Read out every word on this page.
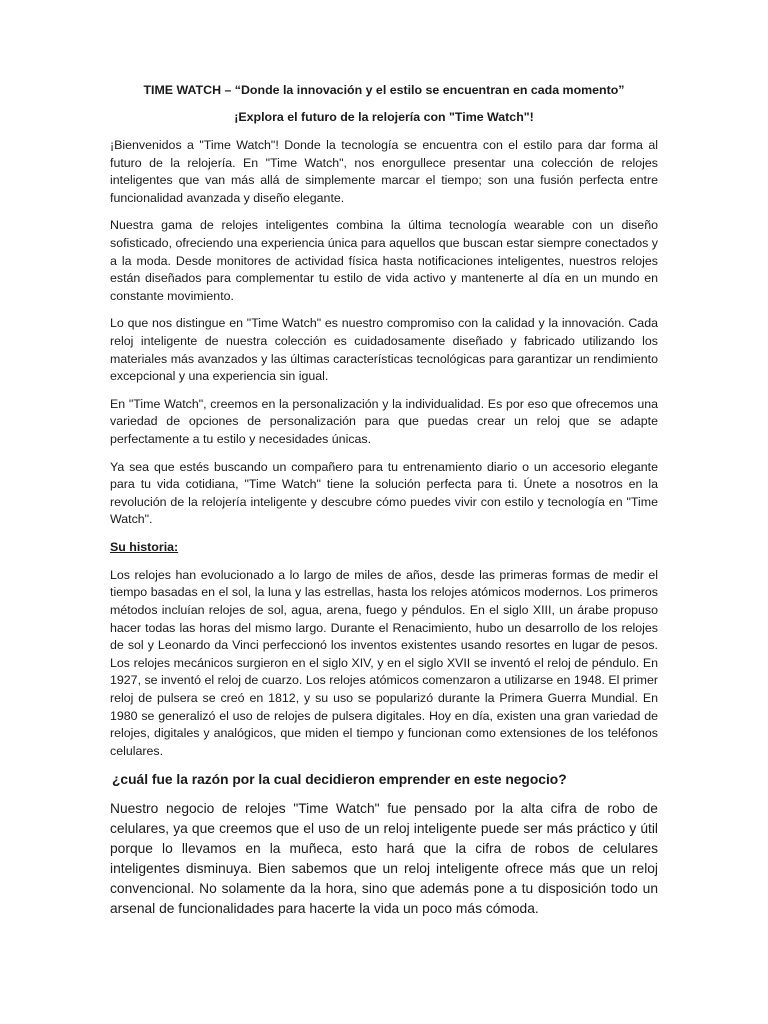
TIME WATCH – “Donde la innovación y el estilo se encuentran en cada momento”
¡Explora el futuro de la relojería con "Time Watch"!

¡Bienvenidos a "Time Watch"! Donde la tecnología se encuentra con el estilo para dar forma al futuro de la relojería. En "Time Watch", nos enorgullece presentar una colección de relojes inteligentes que van más allá de simplemente marcar el tiempo; son una fusión perfecta entre funcionalidad avanzada y diseño elegante.

Nuestra gama de relojes inteligentes combina la última tecnología wearable con un diseño sofisticado, ofreciendo una experiencia única para aquellos que buscan estar siempre conectados y a la moda. Desde monitores de actividad física hasta notificaciones inteligentes, nuestros relojes están diseñados para complementar tu estilo de vida activo y mantenerte al día en un mundo en constante movimiento.

Lo que nos distingue en "Time Watch" es nuestro compromiso con la calidad y la innovación. Cada reloj inteligente de nuestra colección es cuidadosamente diseñado y fabricado utilizando los materiales más avanzados y las últimas características tecnológicas para garantizar un rendimiento excepcional y una experiencia sin igual.

En "Time Watch", creemos en la personalización y la individualidad. Es por eso que ofrecemos una variedad de opciones de personalización para que puedas crear un reloj que se adapte perfectamente a tu estilo y necesidades únicas.

Ya sea que estés buscando un compañero para tu entrenamiento diario o un accesorio elegante para tu vida cotidiana, "Time Watch" tiene la solución perfecta para ti. Únete a nosotros en la revolución de la relojería inteligente y descubre cómo puedes vivir con estilo y tecnología en "Time Watch".

Su historia:

Los relojes han evolucionado a lo largo de miles de años, desde las primeras formas de medir el tiempo basadas en el sol, la luna y las estrellas, hasta los relojes atómicos modernos. Los primeros métodos incluían relojes de sol, agua, arena, fuego y péndulos. En el siglo XIII, un árabe propuso hacer todas las horas del mismo largo. Durante el Renacimiento, hubo un desarrollo de los relojes de sol y Leonardo da Vinci perfeccionó los inventos existentes usando resortes en lugar de pesos. Los relojes mecánicos surgieron en el siglo XIV, y en el siglo XVII se inventó el reloj de péndulo. En 1927, se inventó el reloj de cuarzo. Los relojes atómicos comenzaron a utilizarse en 1948. El primer reloj de pulsera se creó en 1812, y su uso se popularizó durante la Primera Guerra Mundial. En 1980 se generalizó el uso de relojes de pulsera digitales. Hoy en día, existen una gran variedad de relojes, digitales y analógicos, que miden el tiempo y funcionan como extensiones de los teléfonos celulares.

¿cuál fue la razón por la cual decidieron emprender en este negocio?

Nuestro negocio de relojes "Time Watch" fue pensado por la alta cifra de robo de celulares, ya que creemos que el uso de un reloj inteligente puede ser más práctico y útil porque lo llevamos en la muñeca, esto hará que la cifra de robos de celulares inteligentes disminuya. Bien sabemos que un reloj inteligente ofrece más que un reloj convencional. No solamente da la hora, sino que además pone a tu disposición todo un arsenal de funcionalidades para hacerte la vida un poco más cómoda.
